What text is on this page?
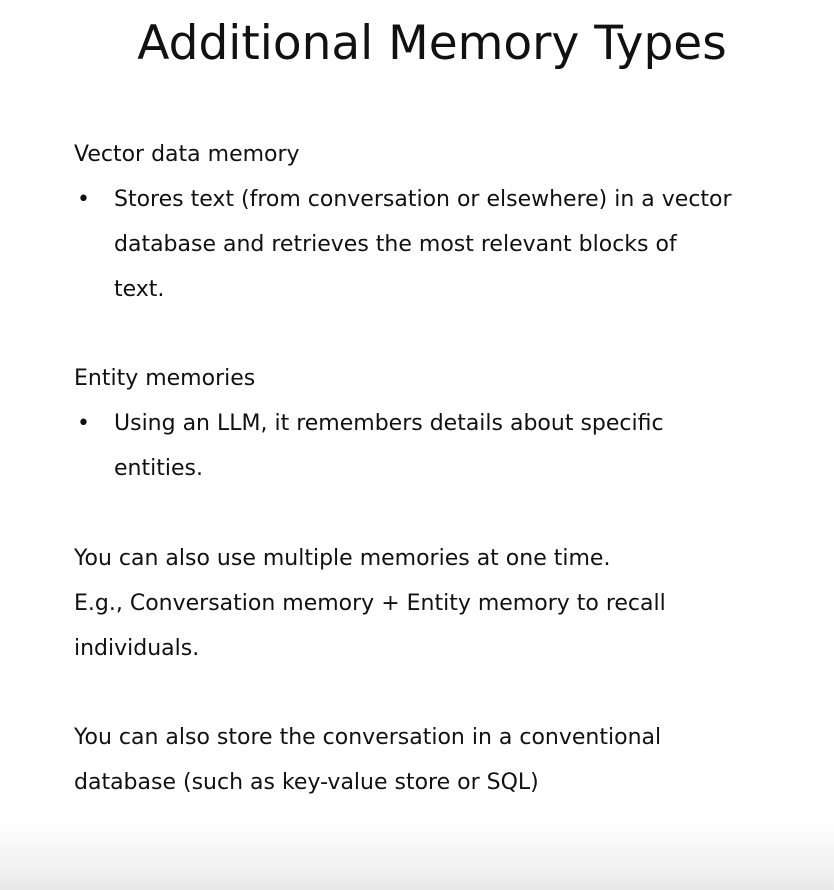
Additional Memory Types
Vector data memory
• Stores text (from conversation or elsewhere) in a vector database and retrieves the most relevant blocks of text.
Entity memories
• Using an LLM, it remembers details about specific entities.
You can also use multiple memories at one time.
E.g., Conversation memory + Entity memory to recall
individuals.
You can also store the conversation in a conventional
database (such as key-value store or SQL)
